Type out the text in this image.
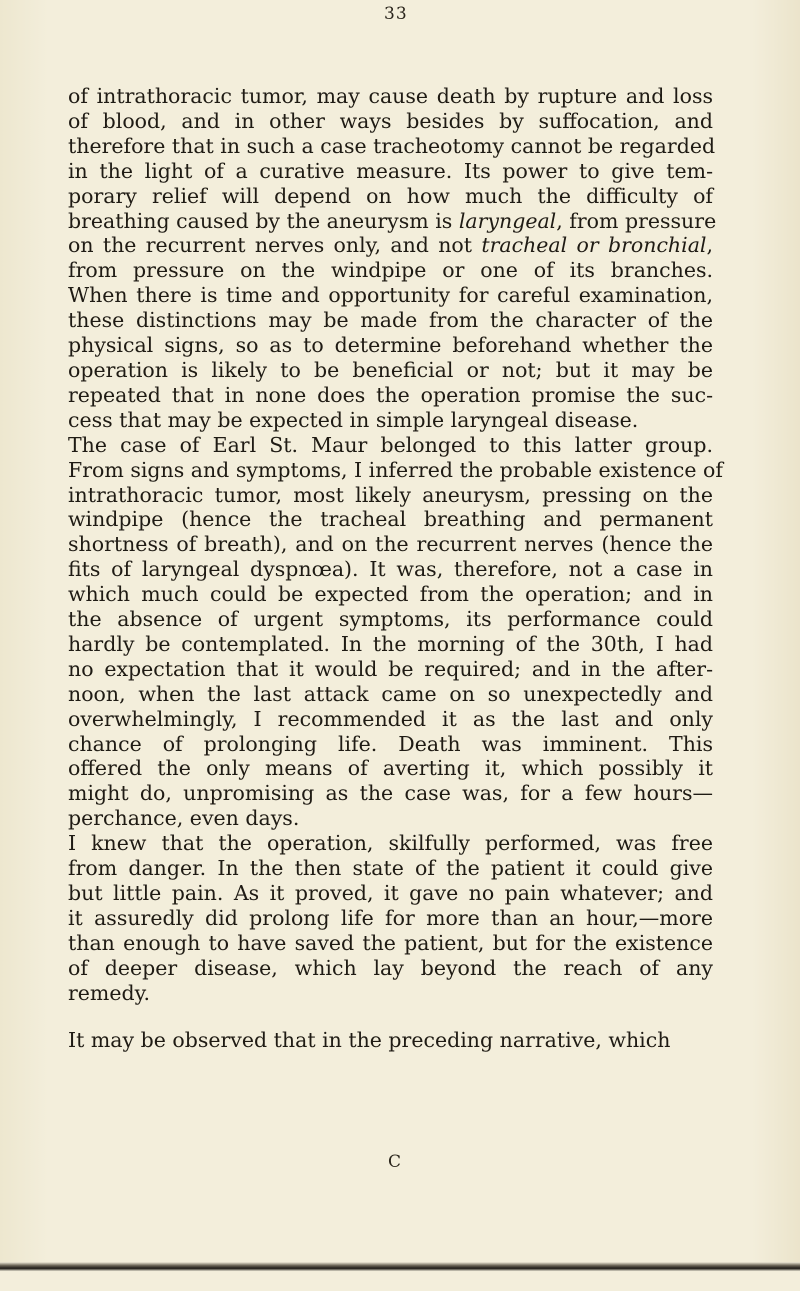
33
of intrathoracic tumor, may cause death by rupture and loss
of blood, and in other ways besides by suffocation, and
therefore that in such a case tracheotomy cannot be regarded
in the light of a curative measure. Its power to give tem-
porary relief will depend on how much the difficulty of
breathing caused by the aneurysm is laryngeal, from pressure
on the recurrent nerves only, and not tracheal or bronchial,
from pressure on the windpipe or one of its branches.
When there is time and opportunity for careful examination,
these distinctions may be made from the character of the
physical signs, so as to determine beforehand whether the
operation is likely to be beneficial or not; but it may be
repeated that in none does the operation promise the suc-
cess that may be expected in simple laryngeal disease.
The case of Earl St. Maur belonged to this latter group.
From signs and symptoms, I inferred the probable existence of
intrathoracic tumor, most likely aneurysm, pressing on the
windpipe (hence the tracheal breathing and permanent
shortness of breath), and on the recurrent nerves (hence the
fits of laryngeal dyspnœa). It was, therefore, not a case in
which much could be expected from the operation; and in
the absence of urgent symptoms, its performance could
hardly be contemplated. In the morning of the 30th, I had
no expectation that it would be required; and in the after-
noon, when the last attack came on so unexpectedly and
overwhelmingly, I recommended it as the last and only
chance of prolonging life. Death was imminent. This
offered the only means of averting it, which possibly it
might do, unpromising as the case was, for a few hours—
perchance, even days.
I knew that the operation, skilfully performed, was free
from danger. In the then state of the patient it could give
but little pain. As it proved, it gave no pain whatever; and
it assuredly did prolong life for more than an hour,—more
than enough to have saved the patient, but for the existence
of deeper disease, which lay beyond the reach of any
remedy.
It may be observed that in the preceding narrative, which
C
